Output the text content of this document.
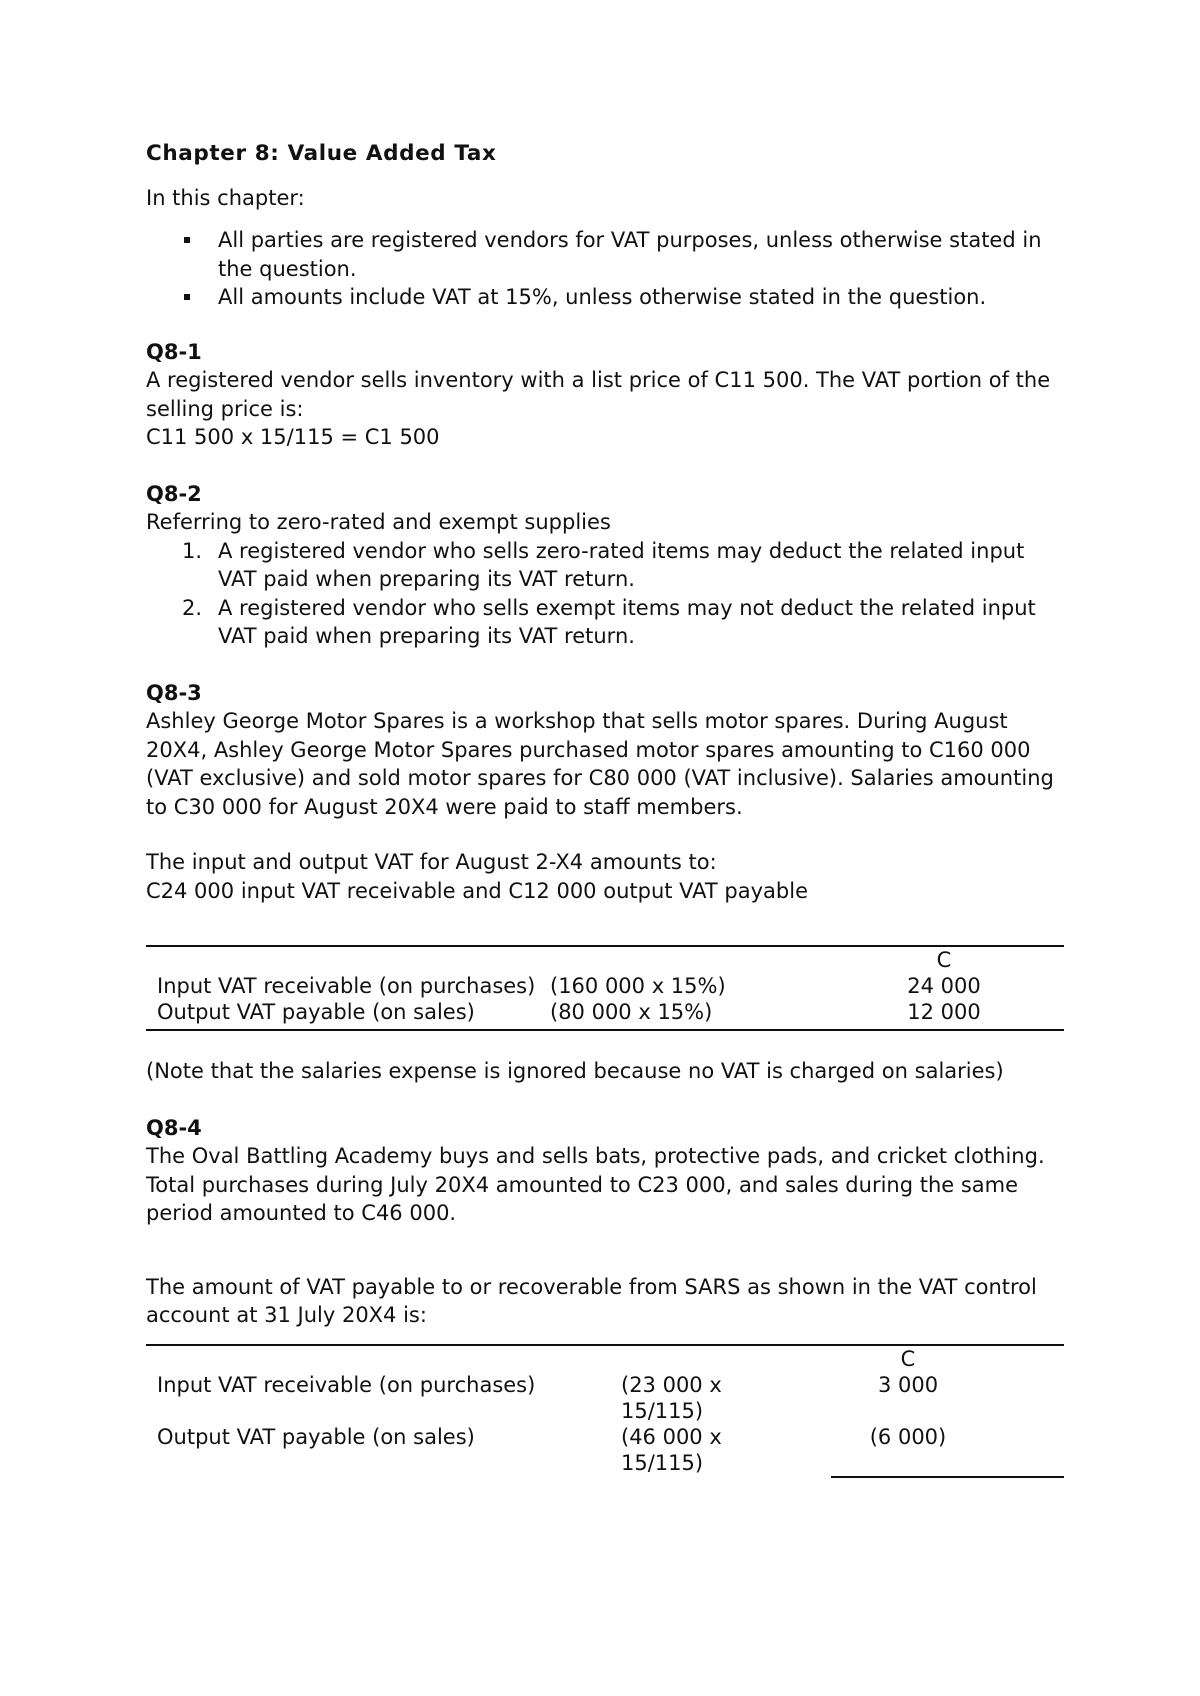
Chapter 8: Value Added Tax

In this chapter:

All parties are registered vendors for VAT purposes, unless otherwise stated in the question.
All amounts include VAT at 15%, unless otherwise stated in the question.

Q8-1

A registered vendor sells inventory with a list price of C11 500. The VAT portion of the selling price is:

C11 500 x 15/115 = C1 500

Q8-2

Referring to zero-rated and exempt supplies

1. A registered vendor who sells zero-rated items may deduct the related input VAT paid when preparing its VAT return.
2. A registered vendor who sells exempt items may not deduct the related input VAT paid when preparing its VAT return.

Q8-3

Ashley George Motor Spares is a workshop that sells motor spares. During August 20X4, Ashley George Motor Spares purchased motor spares amounting to C160 000 (VAT exclusive) and sold motor spares for C80 000 (VAT inclusive). Salaries amounting to C30 000 for August 20X4 were paid to staff members.

The input and output VAT for August 2-X4 amounts to:

C24 000 input VAT receivable and C12 000 output VAT payable

		C
Input VAT receivable (on purchases)	(160 000 x 15%)	24 000
Output VAT payable (on sales)	(80 000 x 15%)	12 000

(Note that the salaries expense is ignored because no VAT is charged on salaries)

Q8-4

The Oval Battling Academy buys and sells bats, protective pads, and cricket clothing. Total purchases during July 20X4 amounted to C23 000, and sales during the same period amounted to C46 000.

The amount of VAT payable to or recoverable from SARS as shown in the VAT control account at 31 July 20X4 is:

		C
Input VAT receivable (on purchases)	(23 000 x 15/115)	3 000
Output VAT payable (on sales)	(46 000 x 15/115)	(6 000)
